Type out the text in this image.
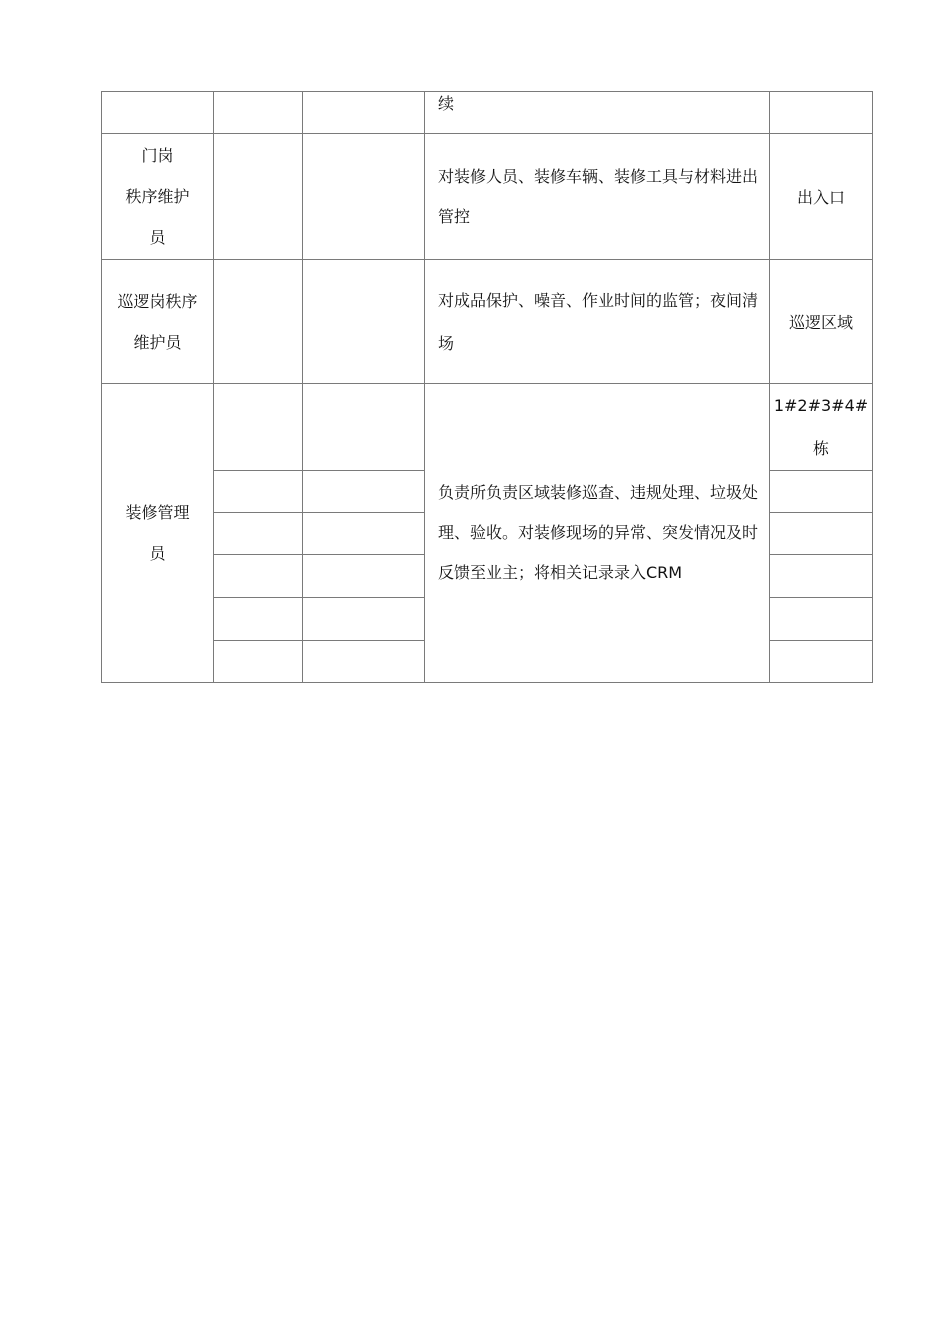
			续	

门岗
秩序维护
员			对装修人员、装修车辆、装修工具与材料进出管控	出入口

巡逻岗秩序
维护员			对成品保护、噪音、作业时间的监管；夜间清场	巡逻区域

装修管理
员			负责所负责区域装修巡查、违规处理、垃圾处理、验收。对装修现场的异常、突发情况及时反馈至业主；将相关记录录入CRM	1#2#3#4#栋
